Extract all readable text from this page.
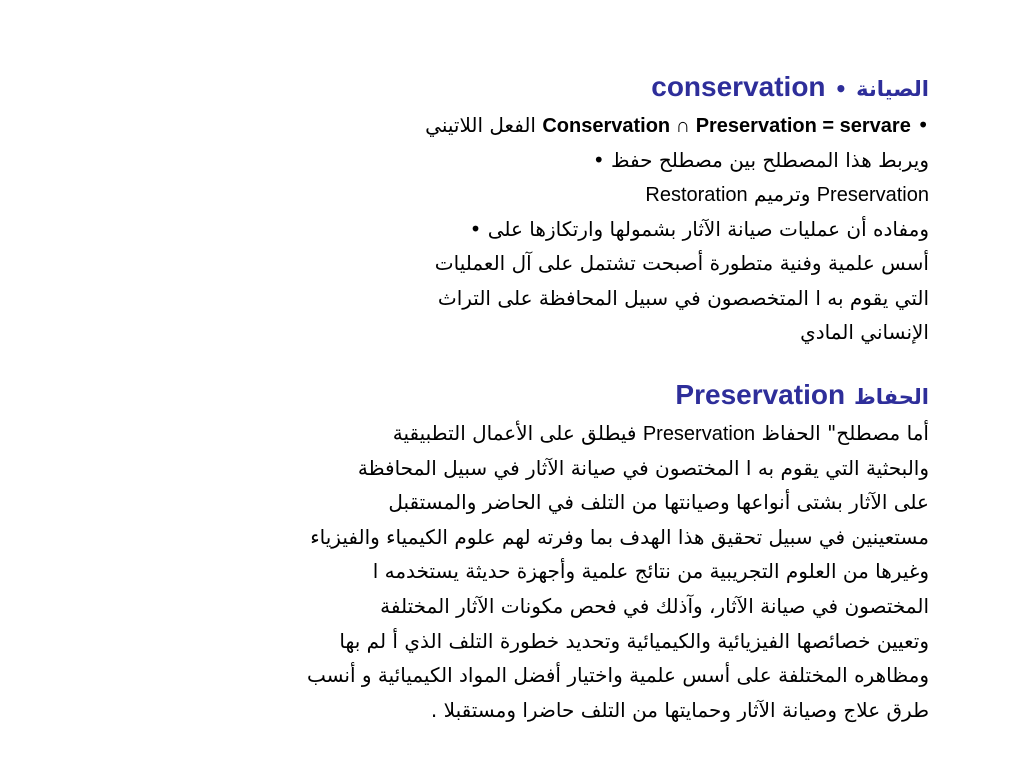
الصيانة • conservation
• Conservation ∩ Preservation = servare الفعل اللاتيني
ويربط هذا المصطلح بين مصطلح حفظ •
Preservation وترميم Restoration
ومفاده أن عمليات صيانة الآثار بشمولها وارتكازها على •
أسس علمية وفنية متطورة أصبحت تشتمل على آل العمليات
التي يقوم به ا المتخصصون في سبيل المحافظة على التراث
الإنساني المادي
الحفاظ Preservation
أما مصطلح" الحفاظ Preservation فيطلق على الأعمال التطبيقية
والبحثية التي يقوم به ا المختصون في صيانة الآثار في سبيل المحافظة
على الآثار بشتى أنواعها وصيانتها من التلف في الحاضر والمستقبل
مستعينين في سبيل تحقيق هذا الهدف بما وفرته لهم علوم الكيمياء والفيزياء
وغيرها من العلوم التجريبية من نتائج علمية وأجهزة حديثة يستخدمه ا
المختصون في صيانة الآثار، وآذلك في فحص مكونات الآثار المختلفة
وتعيين خصائصها الفيزيائية والكيميائية وتحديد خطورة التلف الذي أ لم بها
ومظاهره المختلفة على أسس علمية واختيار أفضل المواد الكيميائية و أنسب
طرق علاج وصيانة الآثار وحمايتها من التلف حاضرا ومستقبلا .
